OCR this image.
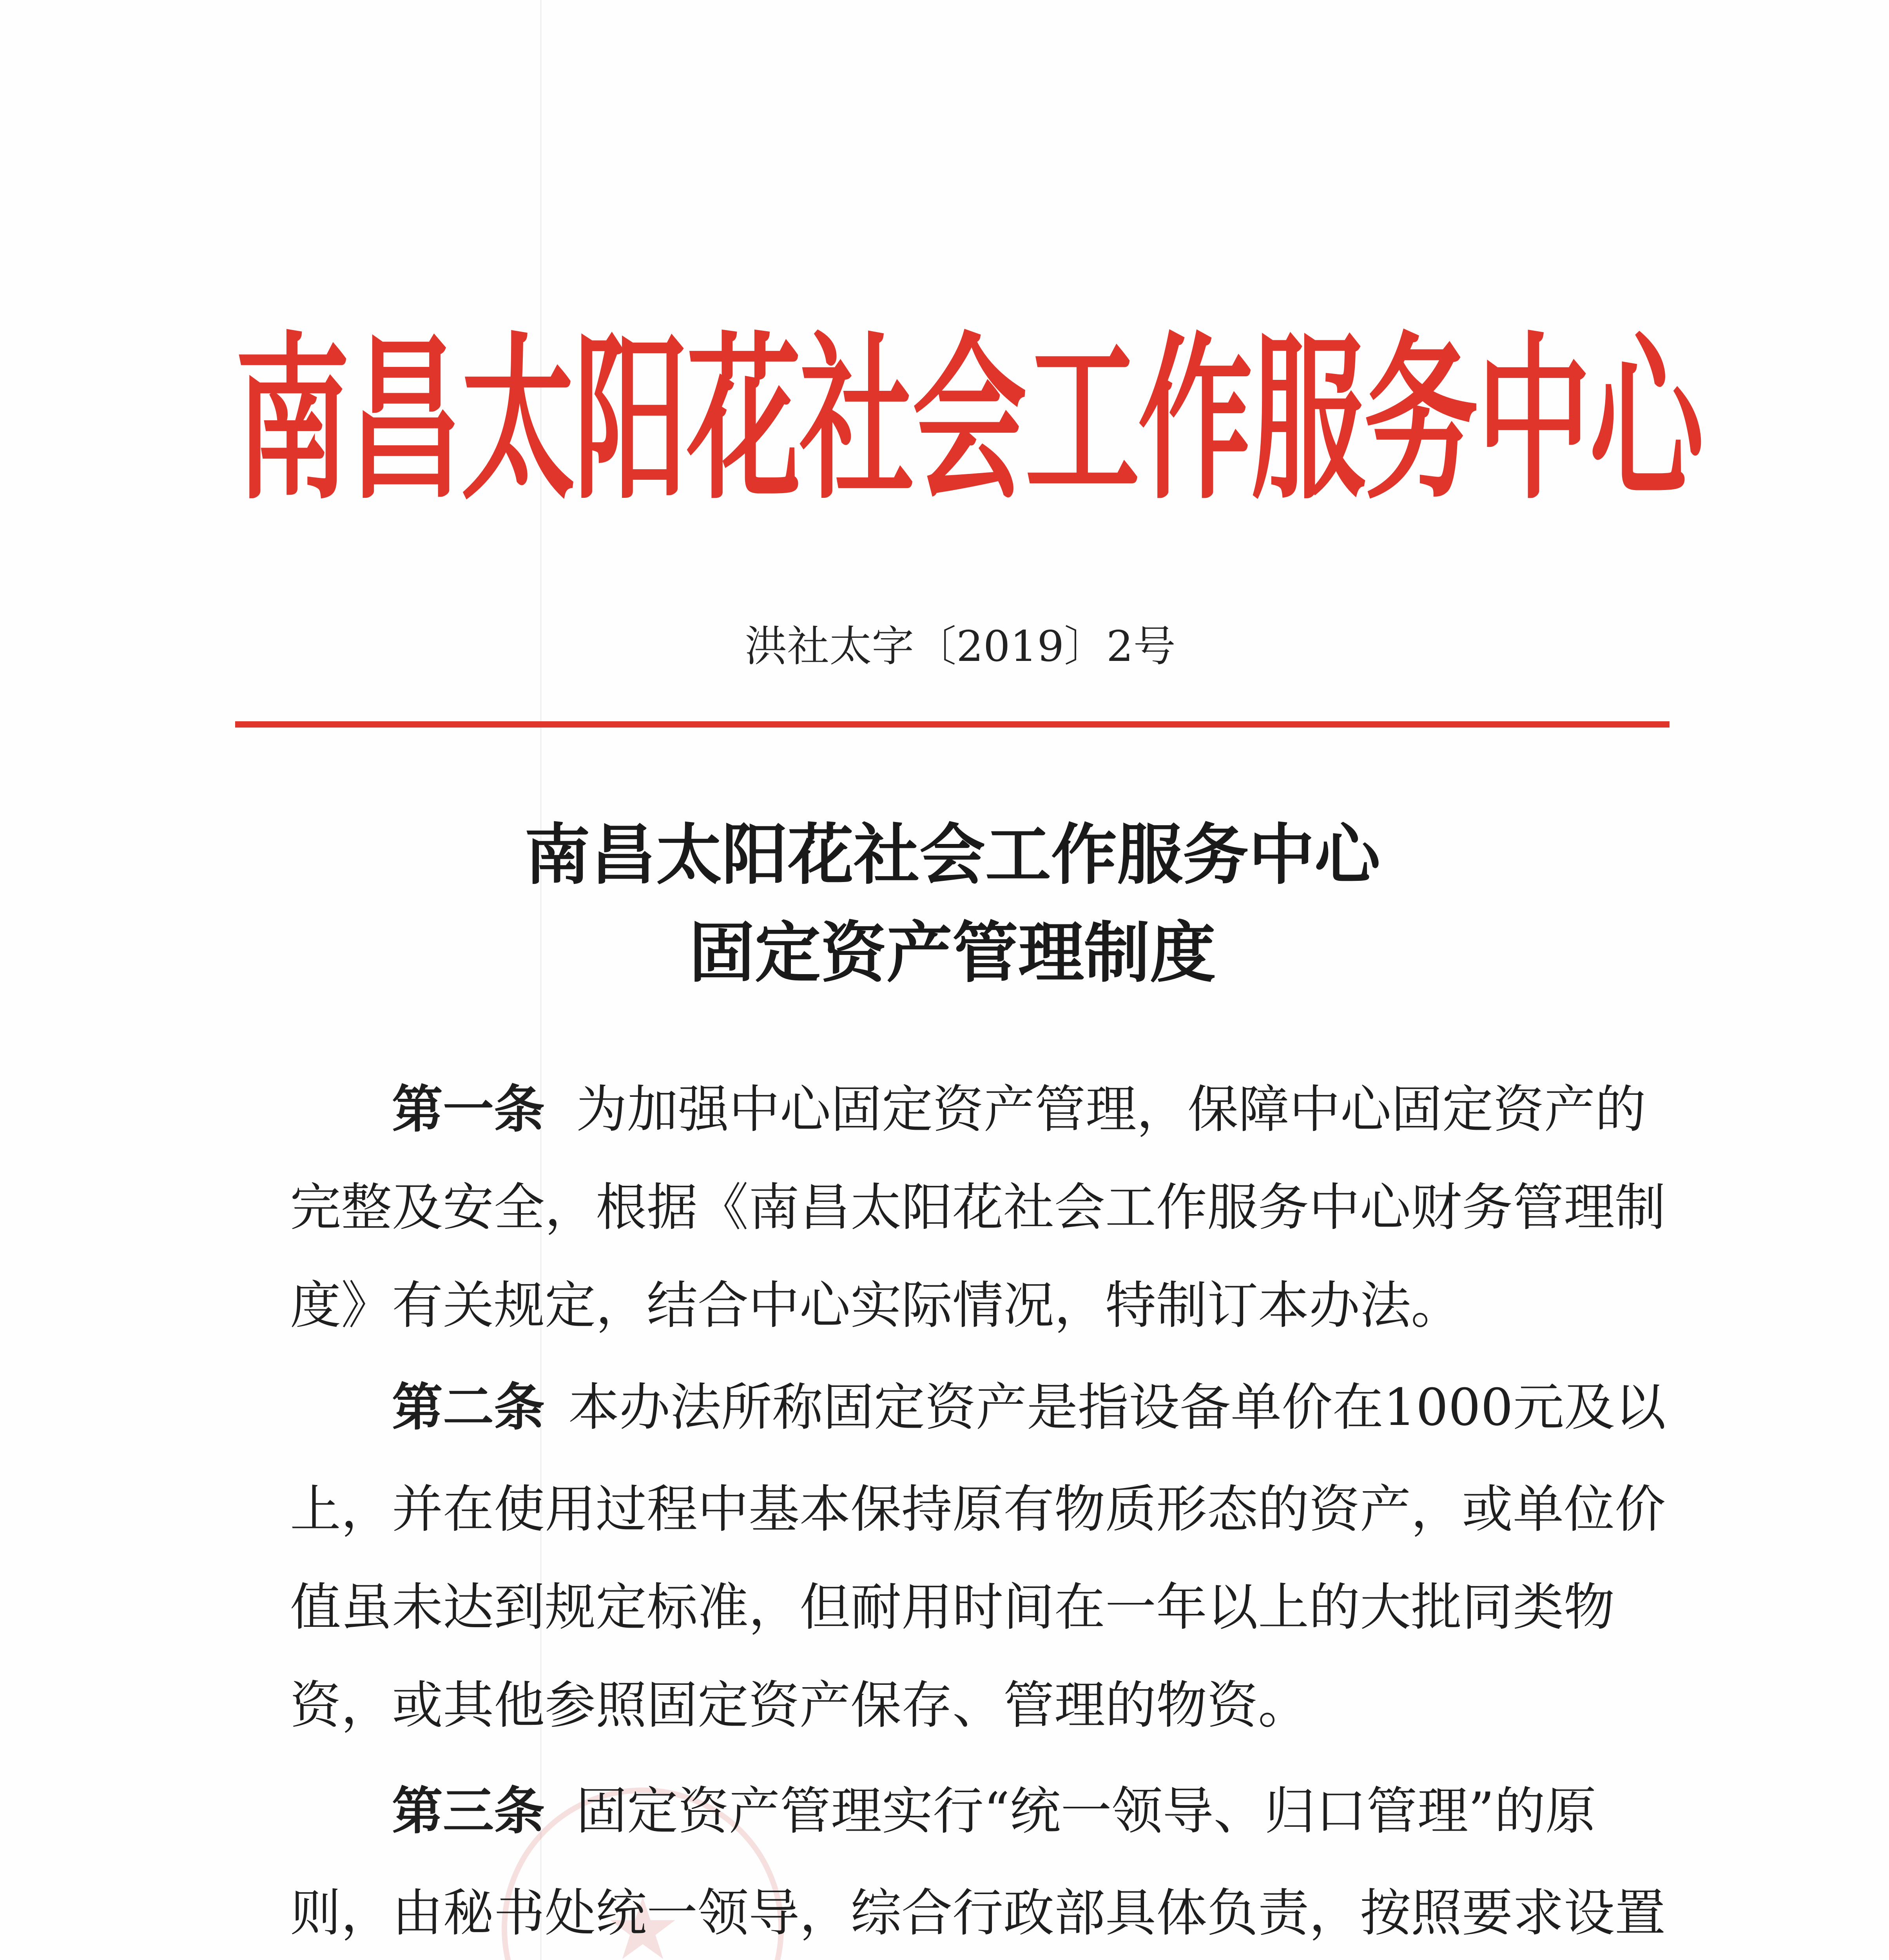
南昌太阳花社会工作服务中心
洪社太字〔2019〕2号
南昌太阳花社会工作服务中心
固定资产管理制度
第一条 为加强中心固定资产管理，保障中心固定资产的
完整及安全，根据《南昌太阳花社会工作服务中心财务管理制
度》有关规定，结合中心实际情况，特制订本办法。
第二条 本办法所称固定资产是指设备单价在1000元及以
上，并在使用过程中基本保持原有物质形态的资产，或单位价
值虽未达到规定标准，但耐用时间在一年以上的大批同类物
资，或其他参照固定资产保存、管理的物资。
第三条 固定资产管理实行“统一领导、归口管理”的原
则，由秘书处统一领导，综合行政部具体负责，按照要求设置
